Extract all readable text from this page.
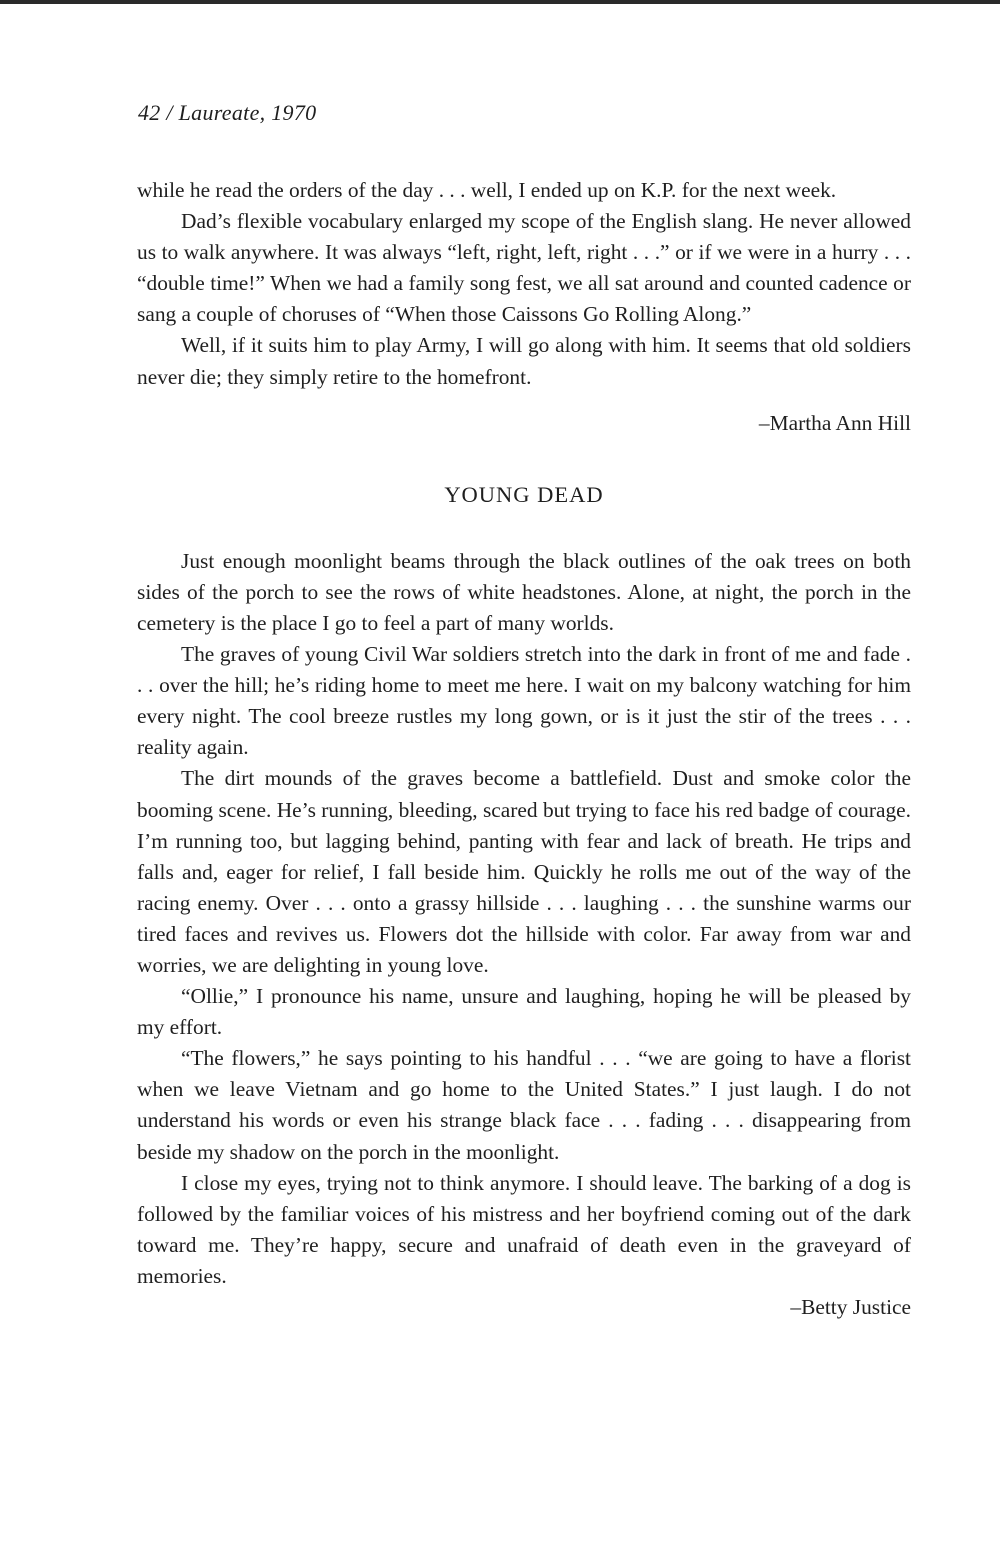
42 / Laureate, 1970

while he read the orders of the day . . . well, I ended up on K.P. for the next week.

Dad’s flexible vocabulary enlarged my scope of the English slang. He never allowed us to walk anywhere. It was always “left, right, left, right . . .” or if we were in a hurry . . . “double time!” When we had a family song fest, we all sat around and counted cadence or sang a couple of choruses of “When those Caissons Go Rolling Along.”

Well, if it suits him to play Army, I will go along with him. It seems that old soldiers never die; they simply retire to the homefront.

–Martha Ann Hill
YOUNG DEAD

Just enough moonlight beams through the black outlines of the oak trees on both sides of the porch to see the rows of white headstones. Alone, at night, the porch in the cemetery is the place I go to feel a part of many worlds.

The graves of young Civil War soldiers stretch into the dark in front of me and fade . . . over the hill; he’s riding home to meet me here. I wait on my balcony watching for him every night. The cool breeze rustles my long gown, or is it just the stir of the trees . . . reality again.

The dirt mounds of the graves become a battlefield. Dust and smoke color the booming scene. He’s running, bleeding, scared but trying to face his red badge of courage. I’m running too, but lagging behind, panting with fear and lack of breath. He trips and falls and, eager for relief, I fall beside him. Quickly he rolls me out of the way of the racing enemy. Over . . . onto a grassy hillside . . . laughing . . . the sunshine warms our tired faces and revives us. Flowers dot the hillside with color. Far away from war and worries, we are delighting in young love.

“Ollie,” I pronounce his name, unsure and laughing, hoping he will be pleased by my effort.

“The flowers,” he says pointing to his handful . . . “we are going to have a florist when we leave Vietnam and go home to the United States.” I just laugh. I do not understand his words or even his strange black face . . . fading . . . disappearing from beside my shadow on the porch in the moonlight.

I close my eyes, trying not to think anymore. I should leave. The barking of a dog is followed by the familiar voices of his mistress and her boyfriend coming out of the dark toward me. They’re happy, secure and unafraid of death even in the graveyard of memories.

–Betty Justice
